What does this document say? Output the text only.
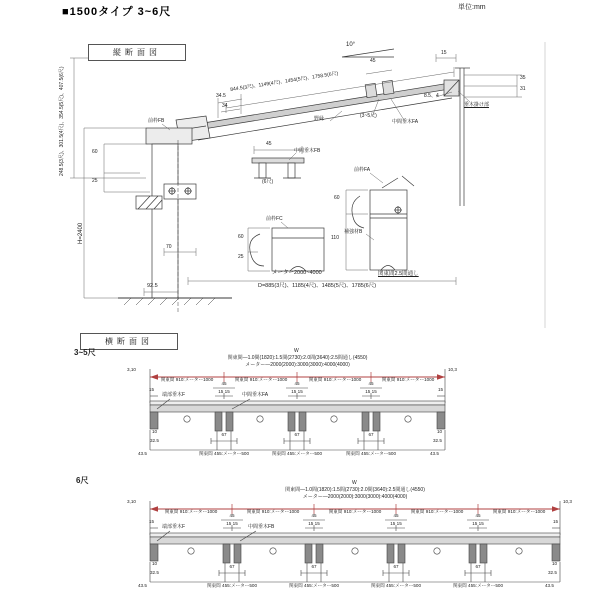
■1500タイプ 3~6尺	単位:mm
縦断面図
横断面図
3~5尺
6尺
10°
844.5(3尺)、1149(4尺)、1454(5尺)、1758.5(6尺)
34.5
34
前枠FB
248.5(3尺)、301.5(4尺)、354.5(5尺)、407.5(6尺)	60
25
H=2400
70
92.5
野縁	(3~5尺)
中間垂木FA
45
15
35
31
8.5、4
垂木掛け部
45
中間垂木FB
(6尺)
前枠FC
60
25
メーター2000~4000
前枠FA
60
110
補強材B
関東間2.5間通し
D=885(3尺)、1185(4尺)、1485(5尺)、1785(6尺)
W
関東間—1.0間(1820):1.5間(2730):2.0間(3640):2.5間通し(4550)
メーター—2000(2000):3000(3000):4000(4000)
3,10	10,3
関東間 910:メーター1000	関東間 910:メーター1000	関東間 910:メーター1000	関東間 910:メーター1000
端部垂木F	中間垂木FA
15	15
45	45	45
15 15	15 15	15 15
67	67	67
10
32.5
10
32.5
43.5	43.5
関東間 455:メーター500	関東間 455:メーター500	関東間 455:メーター500
W
関東間—1.0間(1820):1.5間(2730):2.0間(3640):2.5間通し(4550)
メーター—2000(2000):3000(3000):4000(4000)
3,10	10,3
関東間 910:メーター1000	関東間 910:メーター1000	関東間 910:メーター1000	関東間 910:メーター1000	関東間 910:メーター1000
端部垂木F	中間垂木FB
15	15
45	45	45	45
15 15	15 15	15 15	15 15
67	67	67	67
10
32.5
10
32.5
43.5	43.5
関東間 455:メーター500	関東間 455:メーター500	関東間 455:メーター500	関東間 455:メーター500
